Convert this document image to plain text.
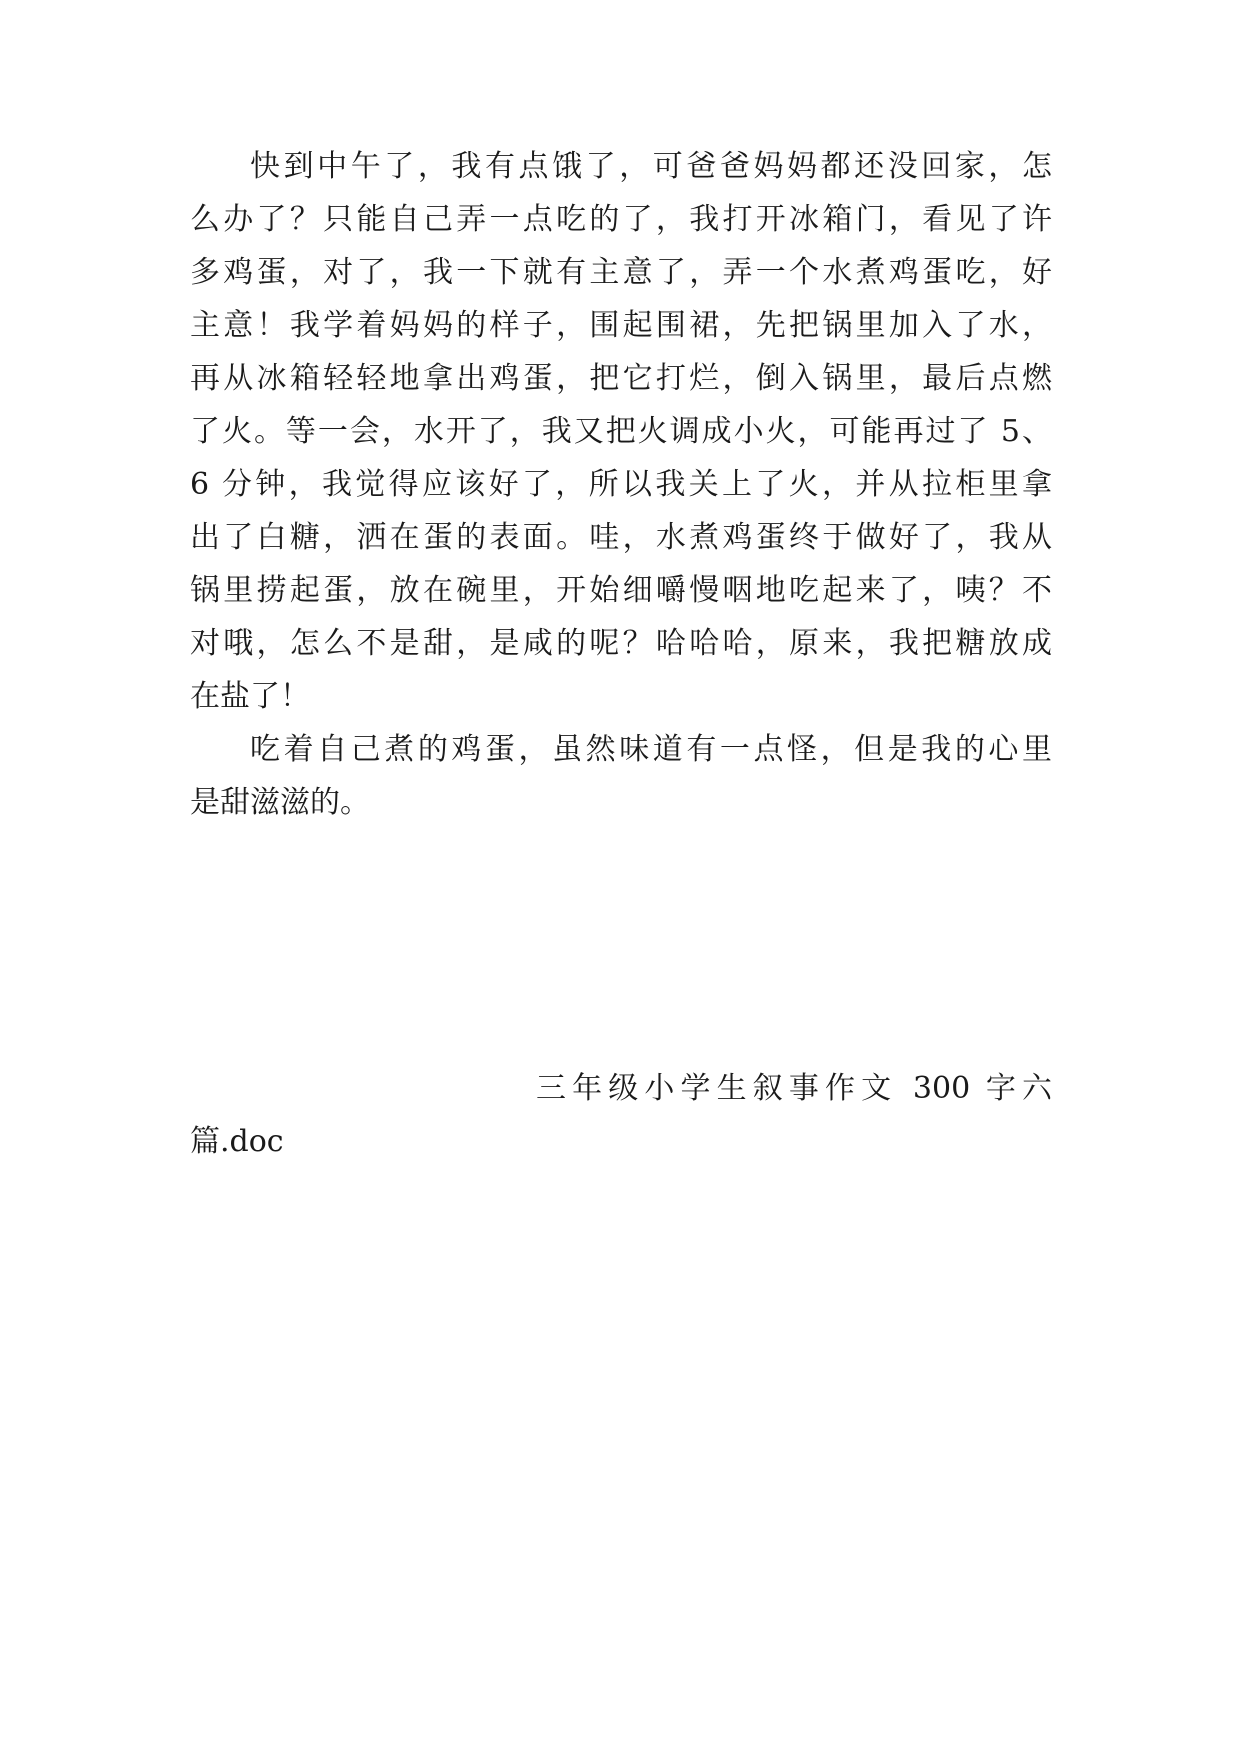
快到中午了，我有点饿了，可爸爸妈妈都还没回家，怎
么办了？只能自己弄一点吃的了，我打开冰箱门，看见了许
多鸡蛋，对了，我一下就有主意了，弄一个水煮鸡蛋吃，好
主意！我学着妈妈的样子，围起围裙，先把锅里加入了水，
再从冰箱轻轻地拿出鸡蛋，把它打烂，倒入锅里，最后点燃
了火。等一会，水开了，我又把火调成小火，可能再过了 5、
6 分钟，我觉得应该好了，所以我关上了火，并从拉柜里拿
出了白糖，洒在蛋的表面。哇，水煮鸡蛋终于做好了，我从
锅里捞起蛋，放在碗里，开始细嚼慢咽地吃起来了，咦？不
对哦，怎么不是甜，是咸的呢？哈哈哈，原来，我把糖放成
在盐了！
吃着自己煮的鸡蛋，虽然味道有一点怪，但是我的心里
是甜滋滋的。
三年级小学生叙事作文 300 字六
篇.doc
